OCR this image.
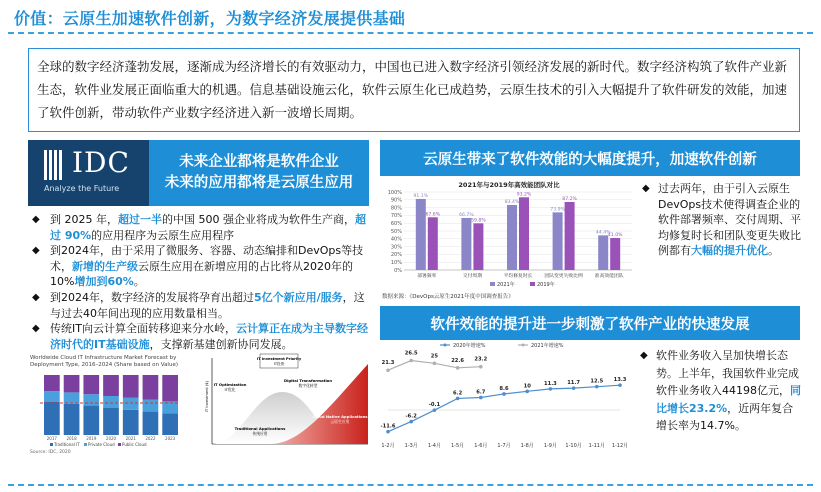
价值：云原生加速软件创新，为数字经济发展提供基础
全球的数字经济蓬勃发展，逐渐成为经济增长的有效驱动力，中国也已进入数字经济引领经济发展的新时代。数字经济构筑了软件产业新生态，软件业发展正面临重大的机遇。信息基础设施云化，软件云原生化已成趋势，云原生技术的引入大幅提升了软件研发的效能，加速了软件创新，带动软件产业数字经济进入新一波增长周期。
IDC
Analyze the Future
未来企业都将是软件企业
未来的应用都将是云原生应用
◆ 到 2025 年，超过一半的中国 500 强企业将成为软件生产商，超过 90%的应用程序为云原生应用程序
◆ 到2024年，由于采用了微服务、容器、动态编排和DevOps等技术，新增的生产级云原生应用在新增应用的占比将从2020年的10%增加到60%。
◆ 到2024年，数字经济的发展将孕育出超过5亿个新应用/服务，这与过去40年间出现的应用数量相当。
◆ 传统IT向云计算全面转移迎来分水岭，云计算正在成为主导数字经济时代的IT基础设施，支撑新基建创新协同发展。
Worldwide Cloud IT Infrastructure Market Forecast by Deployment Type, 2016–2024 (Share based on Value)
2017 2018 2019 2020 2021 2022 2023
Traditional IT Private Cloud Public Cloud
Source: IDC, 2020
IT Investment Priority
IT投资
IT Optimization
IT优化
Digital Transformation
数字化转型
Traditional Applications
传统应用
Cloud Native Applications
云原生应用
IT Investment ($)
云原生带来了软件效能的大幅度提升，加速软件创新
2021年与2019年高效能团队对比
0%
10%
20%
30%
40%
50%
60%
70%
80%
90%
100%
91.1%
67.6%
部署频率
66.7%
59.8%
交付周期
83.4%
93.2%
平均修复时长
73.9%
87.2%
团队变更失败比例
44.4%
41.0%
准高效能团队
2021年	2019年
数据来源：《DevOps云原生2021年度中国调查报告》
◆ 过去两年，由于引入云原生DevOps技术使得调查企业的软件部署频率、交付周期、平均修复时长和团队变更失败比例都有大幅的提升优化。
软件效能的提升进一步刺激了软件产业的快速发展
2020年增速%	2021年增速%
-11.6
-6.2
-0.1
6.2	6.7
8.6	10	11.3 11.7 12.5 13.3
21.3
26.5	25
22.6 23.2
1-2月 1-3月 1-4月 1-5月 1-6月 1-7月 1-8月 1-9月 1-10月 1-11月 1-12月
◆ 软件业务收入呈加快增长态势。上半年，我国软件业完成软件业务收入44198亿元，同比增长23.2%，近两年复合增长率为14.7%。
